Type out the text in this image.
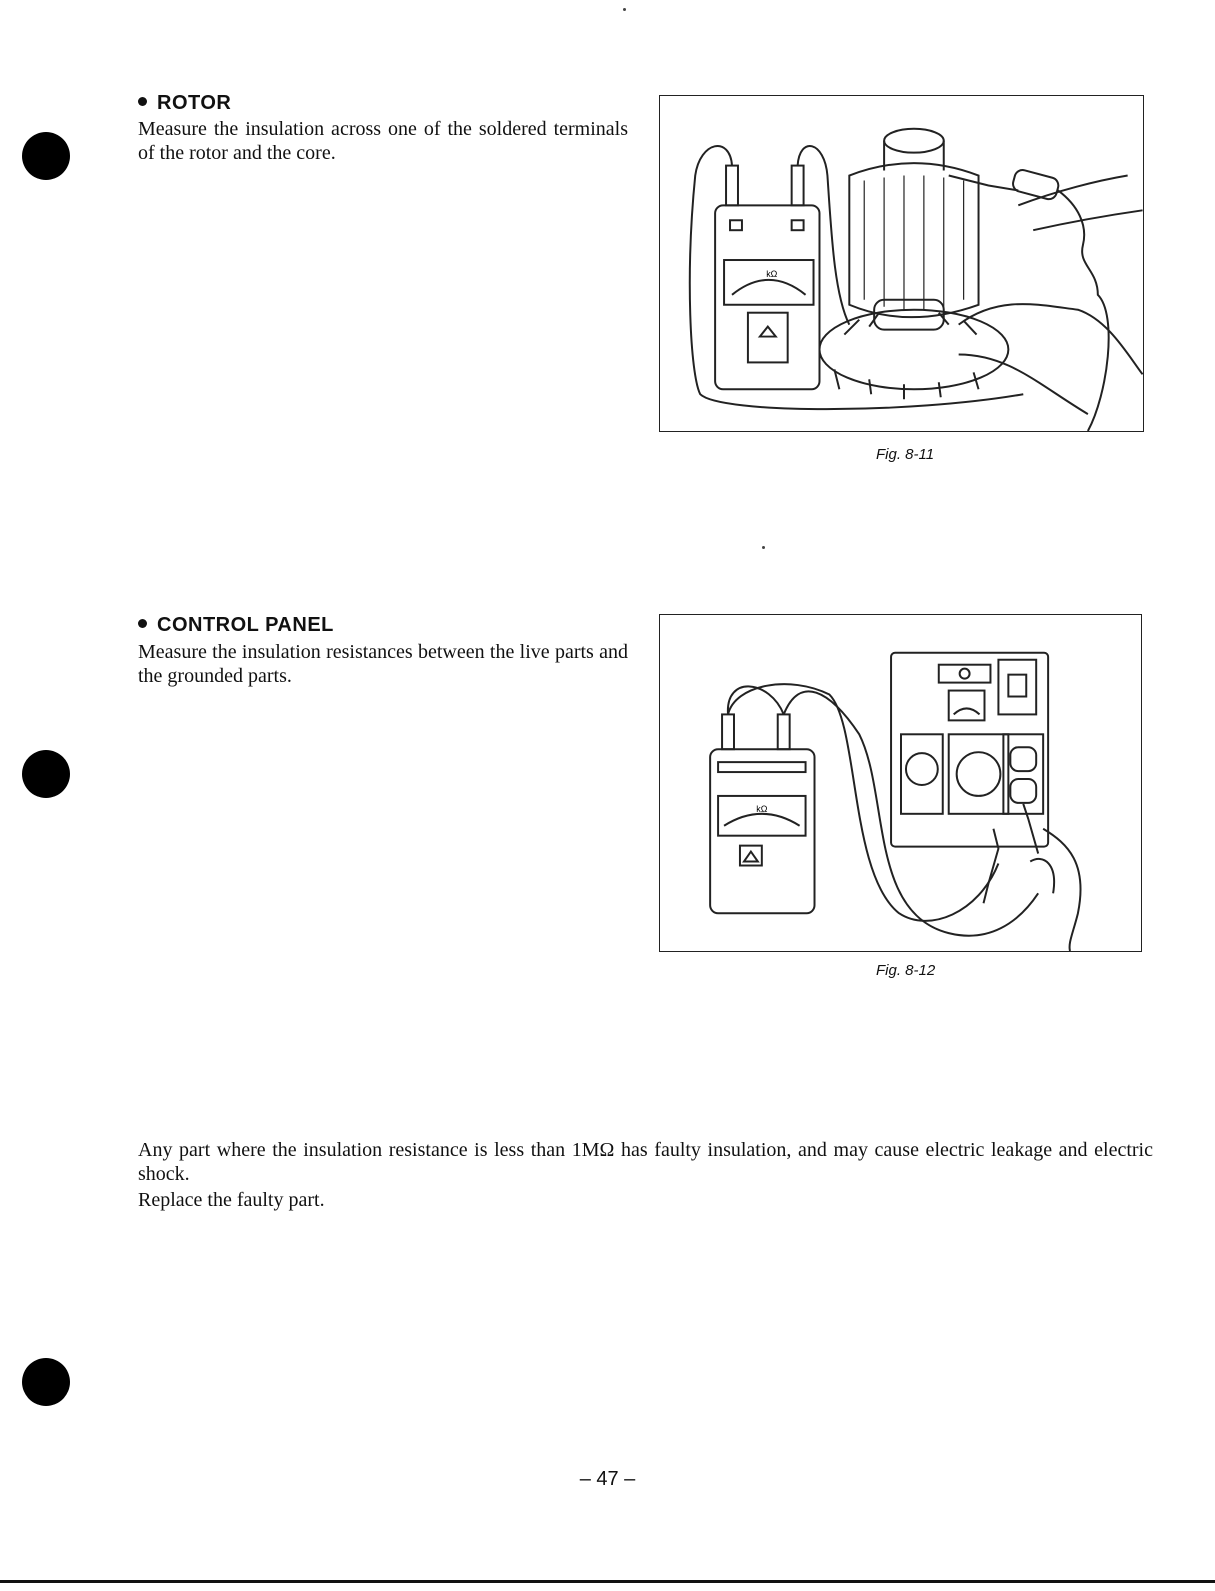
ROTOR
Measure the insulation across one of the soldered terminals of the rotor and the core.
kΩ
Fig. 8-11
CONTROL PANEL
Measure the insulation resistances between the live parts and the grounded parts.
kΩ
Fig. 8-12
Any part where the insulation resistance is less than 1MΩ has faulty insulation, and may cause electric leakage and electric shock.
Replace the faulty part.
– 47 –
